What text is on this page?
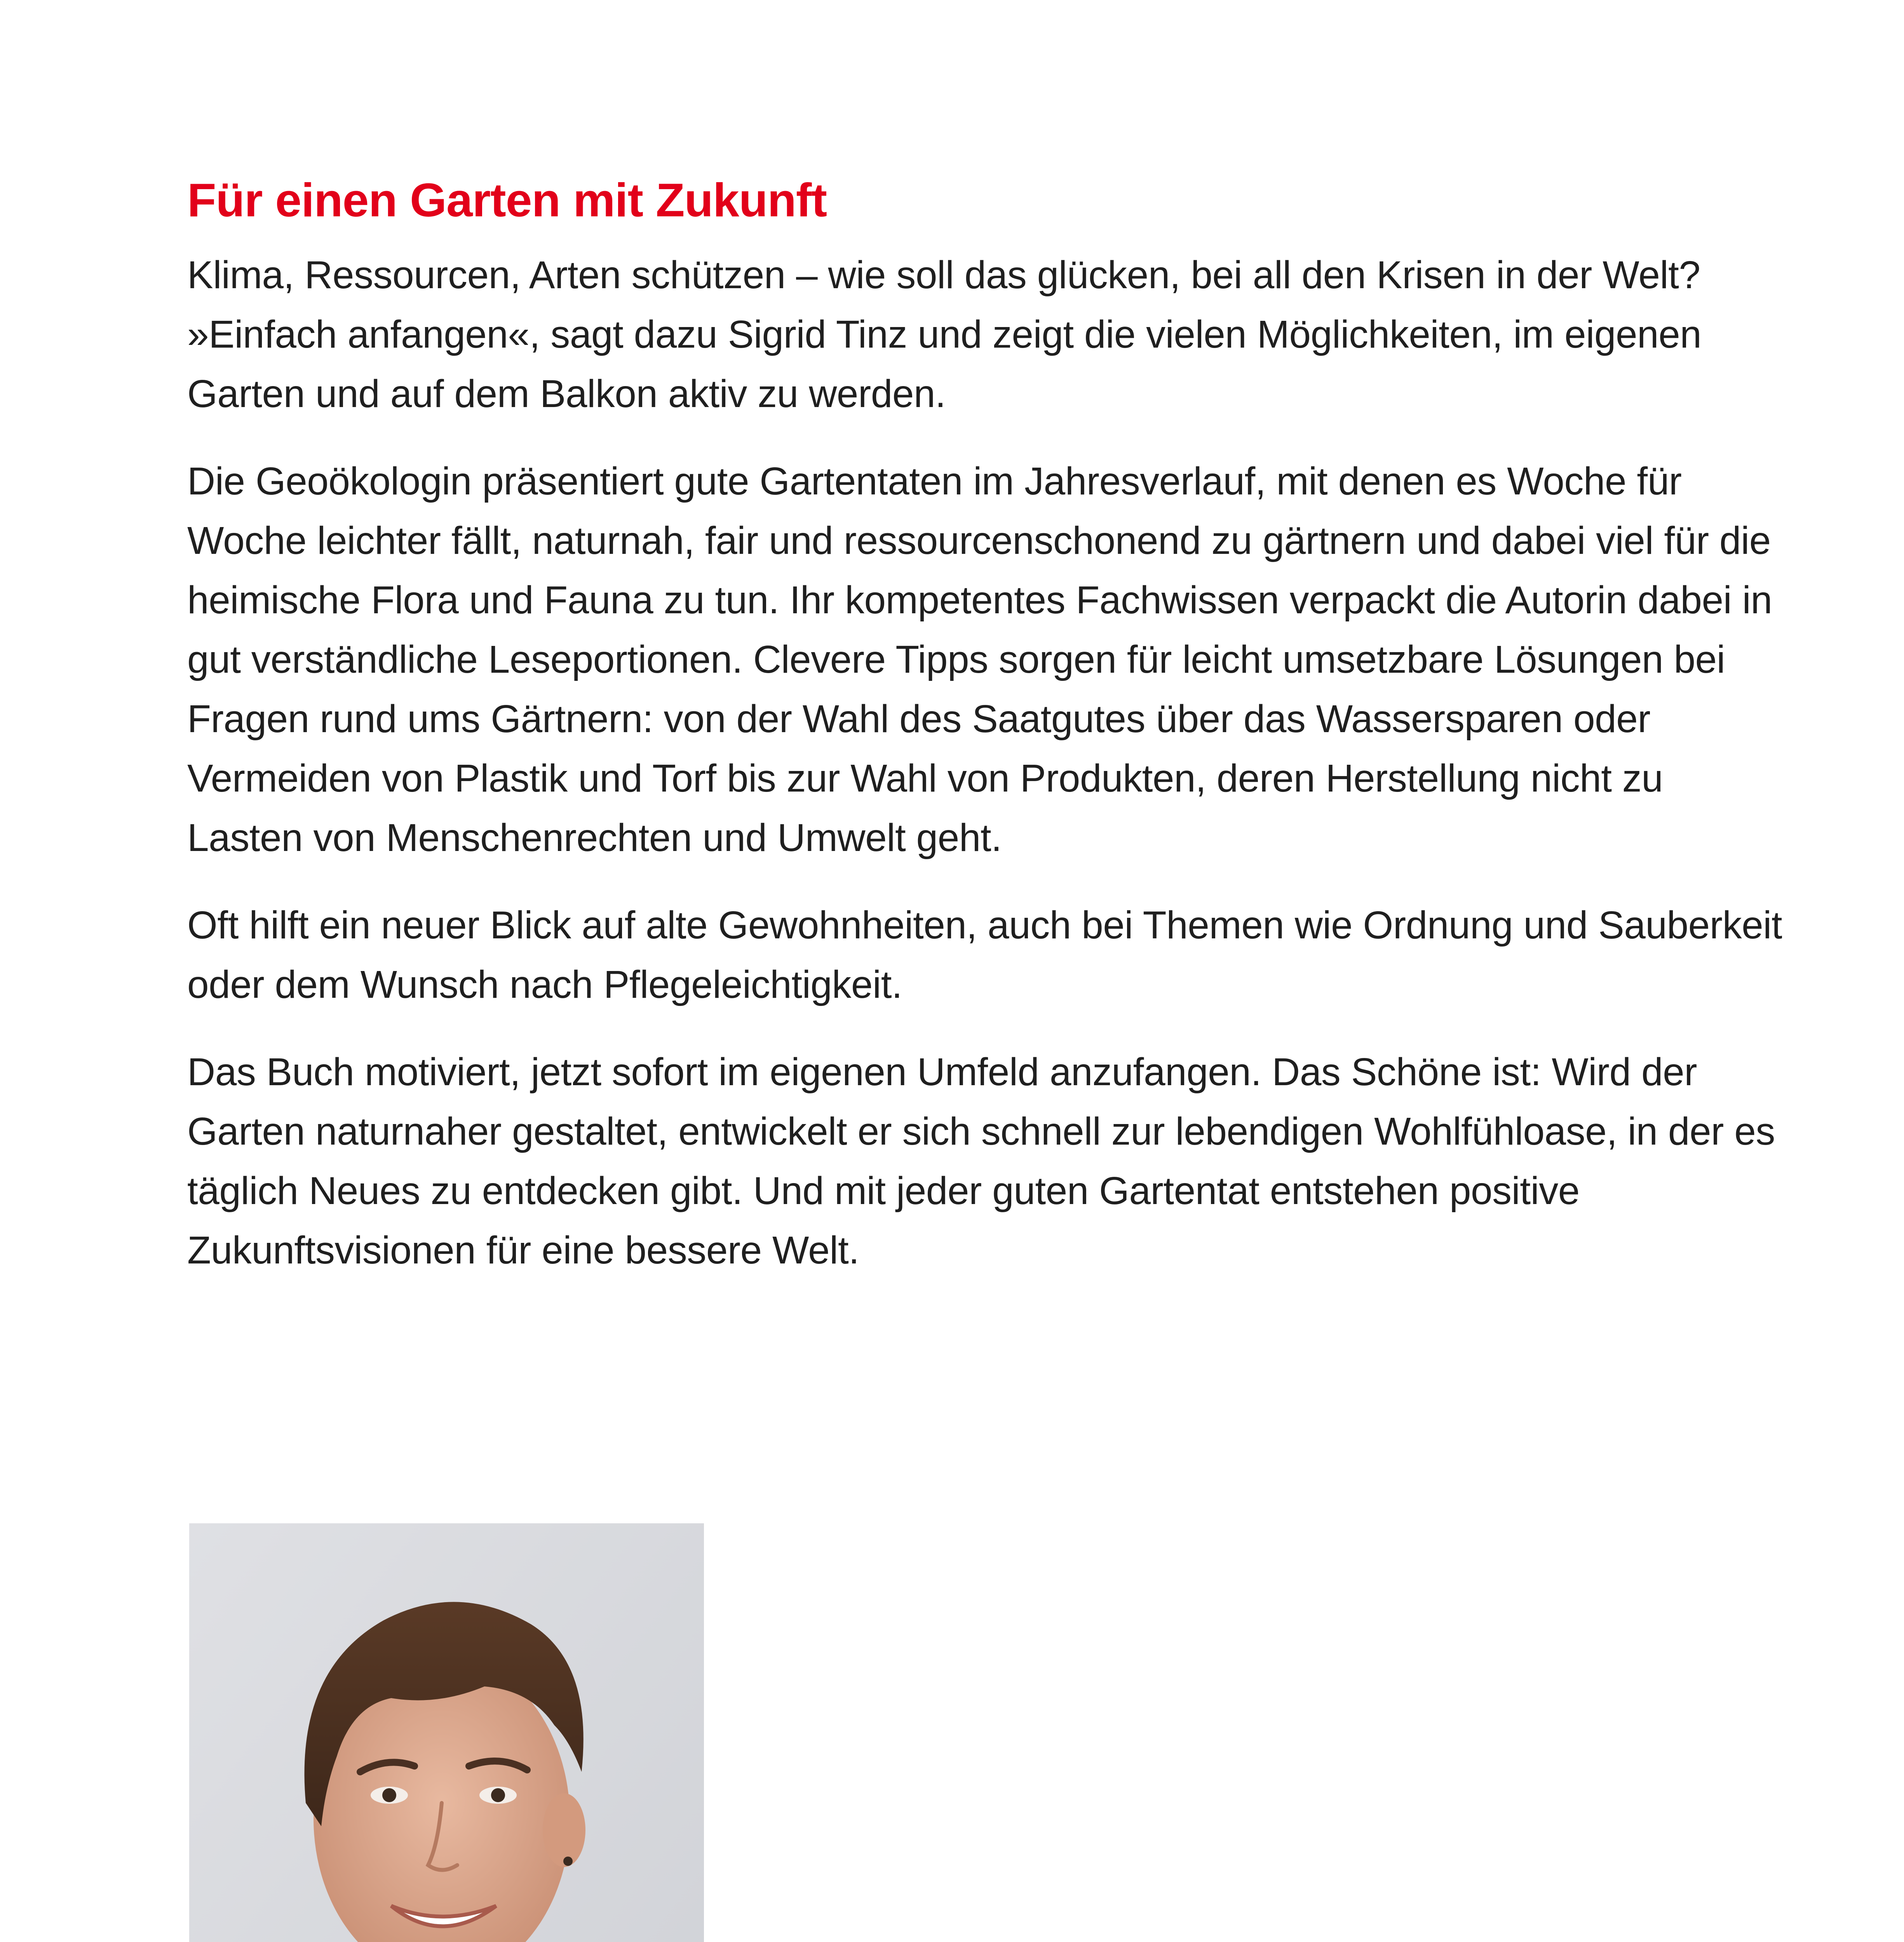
Für einen Garten mit Zukunft

Klima, Ressourcen, Arten schützen – wie soll das glücken, bei all den Krisen in der Welt? »Einfach anfangen«, sagt dazu Sigrid Tinz und zeigt die vielen Möglichkeiten, im eigenen Garten und auf dem Balkon aktiv zu werden.

Die Geoökologin präsentiert gute Gartentaten im Jahresverlauf, mit denen es Woche für Woche leichter fällt, naturnah, fair und ressourcenschonend zu gärtnern und dabei viel für die heimische Flora und Fauna zu tun. Ihr kompetentes Fachwissen verpackt die Autorin dabei in gut verständliche Leseportionen. Clevere Tipps sorgen für leicht umsetzbare Lösungen bei Fragen rund ums Gärtnern: von der Wahl des Saatgutes über das Wassersparen oder Vermeiden von Plastik und Torf bis zur Wahl von Produkten, deren Herstellung nicht zu Lasten von Menschenrechten und Umwelt geht.

Oft hilft ein neuer Blick auf alte Gewohnheiten, auch bei Themen wie Ordnung und Sauberkeit oder dem Wunsch nach Pflegeleichtigkeit.

Das Buch motiviert, jetzt sofort im eigenen Umfeld anzufangen. Das Schöne ist: Wird der Garten naturnaher gestaltet, entwickelt er sich schnell zur lebendigen Wohlfühloase, in der es täglich Neues zu entdecken gibt. Und mit jeder guten Gartentat entstehen positive Zukunftsvisionen für eine bessere Welt.
